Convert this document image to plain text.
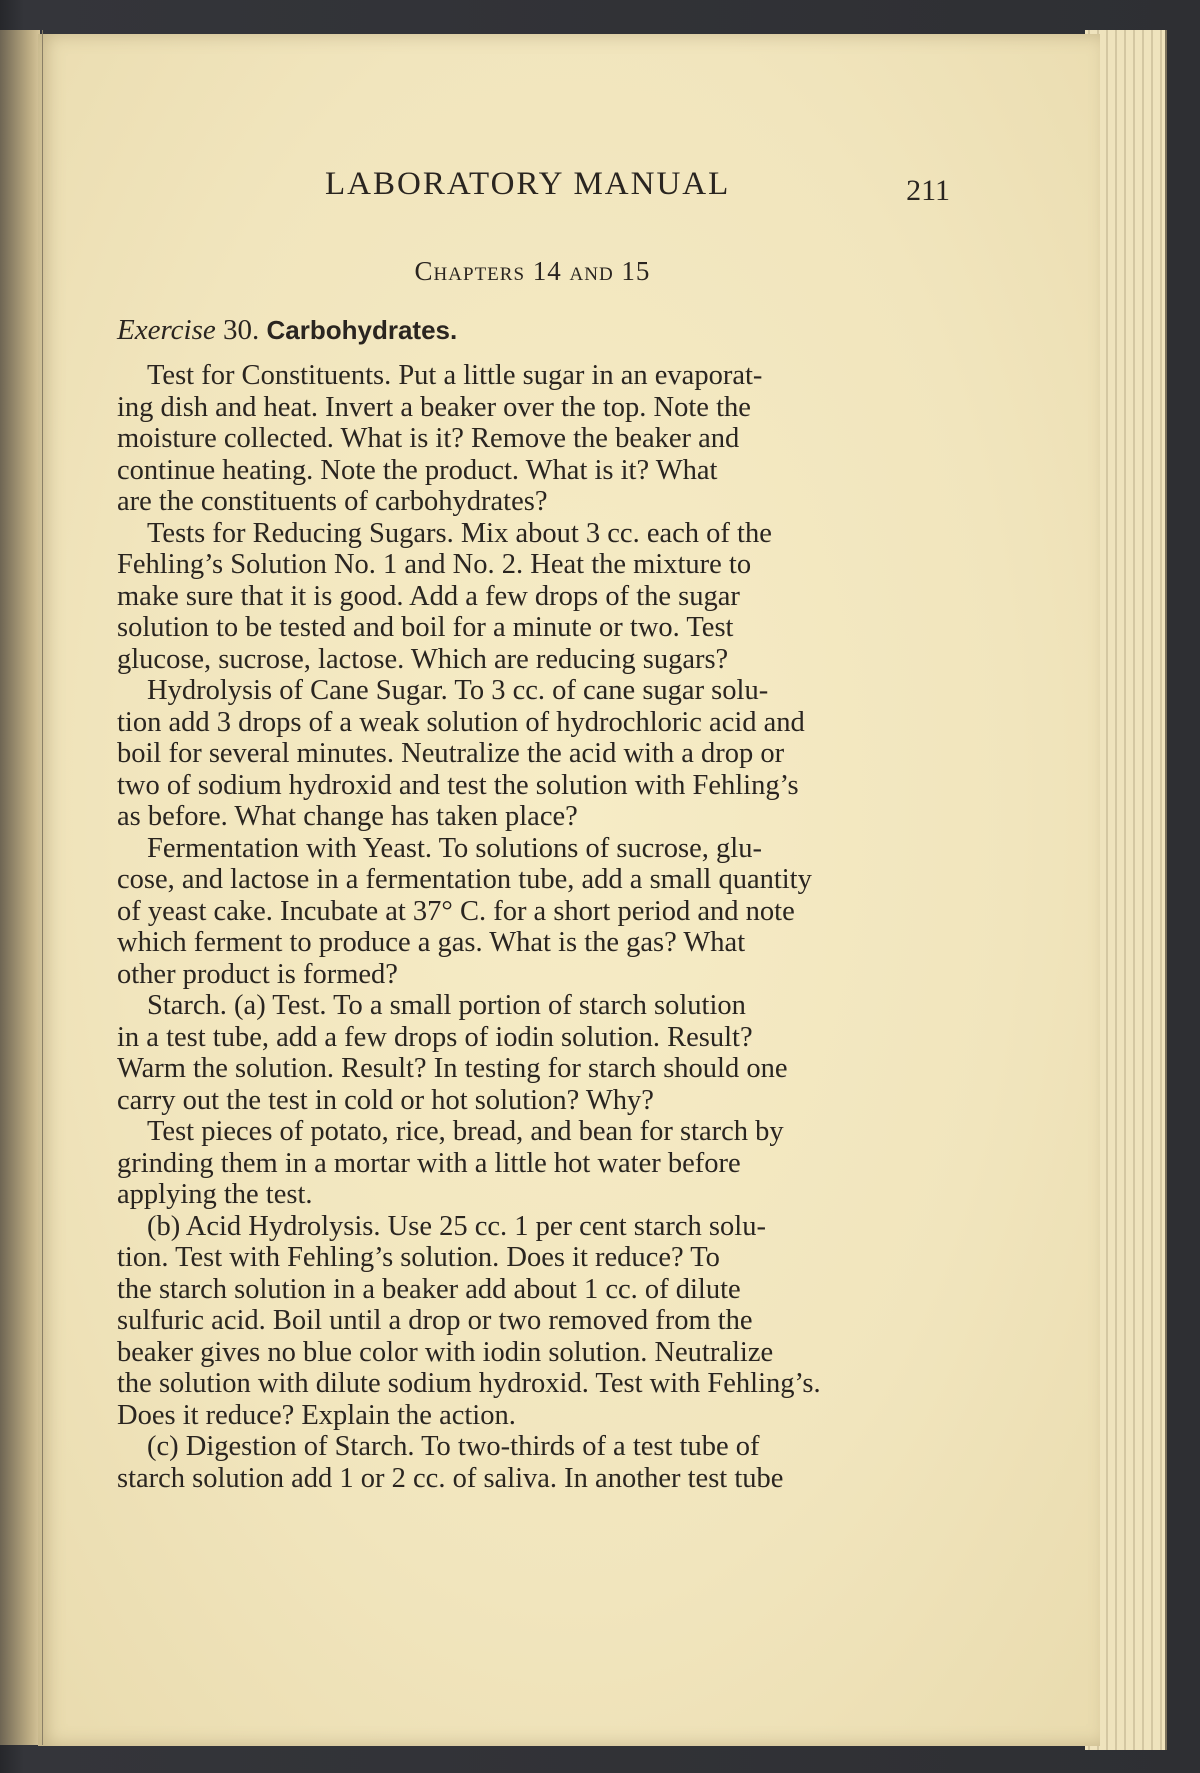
LABORATORY MANUAL	211
Chapters 14 and 15
Exercise 30. Carbohydrates.
Test for Constituents. Put a little sugar in an evaporat-
ing dish and heat. Invert a beaker over the top. Note the
moisture collected. What is it? Remove the beaker and
continue heating. Note the product. What is it? What
are the constituents of carbohydrates?
Tests for Reducing Sugars. Mix about 3 cc. each of the
Fehling’s Solution No. 1 and No. 2. Heat the mixture to
make sure that it is good. Add a few drops of the sugar
solution to be tested and boil for a minute or two. Test
glucose, sucrose, lactose. Which are reducing sugars?
Hydrolysis of Cane Sugar. To 3 cc. of cane sugar solu-
tion add 3 drops of a weak solution of hydrochloric acid and
boil for several minutes. Neutralize the acid with a drop or
two of sodium hydroxid and test the solution with Fehling’s
as before. What change has taken place?
Fermentation with Yeast. To solutions of sucrose, glu-
cose, and lactose in a fermentation tube, add a small quantity
of yeast cake. Incubate at 37° C. for a short period and note
which ferment to produce a gas. What is the gas? What
other product is formed?
Starch. (a) Test. To a small portion of starch solution
in a test tube, add a few drops of iodin solution. Result?
Warm the solution. Result? In testing for starch should one
carry out the test in cold or hot solution? Why?
Test pieces of potato, rice, bread, and bean for starch by
grinding them in a mortar with a little hot water before
applying the test.
(b) Acid Hydrolysis. Use 25 cc. 1 per cent starch solu-
tion. Test with Fehling’s solution. Does it reduce? To
the starch solution in a beaker add about 1 cc. of dilute
sulfuric acid. Boil until a drop or two removed from the
beaker gives no blue color with iodin solution. Neutralize
the solution with dilute sodium hydroxid. Test with Fehling’s.
Does it reduce? Explain the action.
(c) Digestion of Starch. To two-thirds of a test tube of
starch solution add 1 or 2 cc. of saliva. In another test tube
